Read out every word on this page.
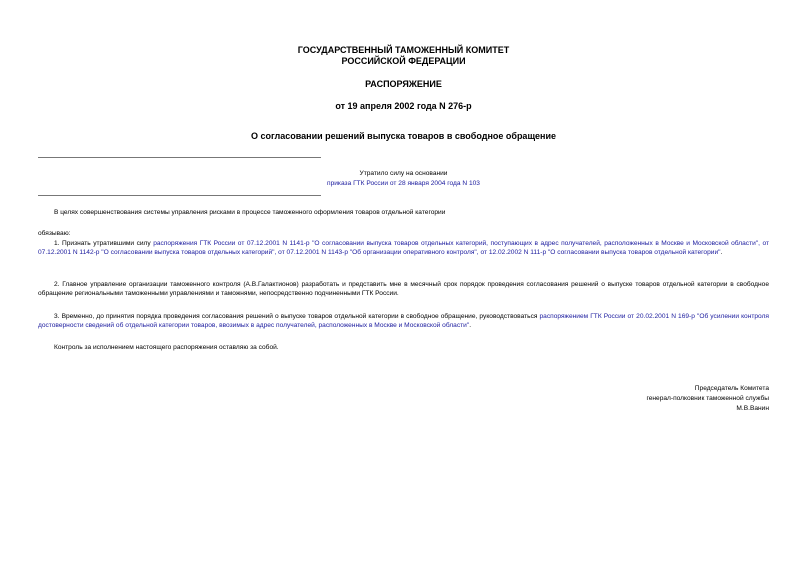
ГОСУДАРСТВЕННЫЙ ТАМОЖЕННЫЙ КОМИТЕТ
РОССИЙСКОЙ ФЕДЕРАЦИИ
РАСПОРЯЖЕНИЕ
от 19 апреля 2002 года N 276-р
О согласовании решений выпуска товаров в свободное обращение
Утратило силу на основании
приказа ГТК России от 28 января 2004 года N 103
В целях совершенствования системы управления рисками в процессе таможенного оформления товаров отдельной категории
обязываю:
1. Признать утратившими силу распоряжения ГТК России от 07.12.2001 N 1141-р "О согласовании выпуска товаров отдельных категорий, поступающих в адрес получателей, расположенных в Москве и Московской области", от 07.12.2001 N 1142-р "О согласовании выпуска товаров отдельных категорий", от 07.12.2001 N 1143-р "Об организации оперативного контроля", от 12.02.2002 N 111-р "О согласовании выпуска товаров отдельной категории".
2. Главное управление организации таможенного контроля (А.В.Галактионов) разработать и представить мне в месячный срок порядок проведения согласования решений о выпуске товаров отдельной категории в свободное обращение региональными таможенными управлениями и таможнями, непосредственно подчиненными ГТК России.
3. Временно, до принятия порядка проведения согласования решений о выпуске товаров отдельной категории в свободное обращение, руководствоваться распоряжением ГТК России от 20.02.2001 N 169-р "Об усилении контроля достоверности сведений об отдельной категории товаров, ввозимых в адрес получателей, расположенных в Москве и Московской области".
Контроль за исполнением настоящего распоряжения оставляю за собой.
Председатель Комитета
генерал-полковник таможенной службы
М.В.Ванин
